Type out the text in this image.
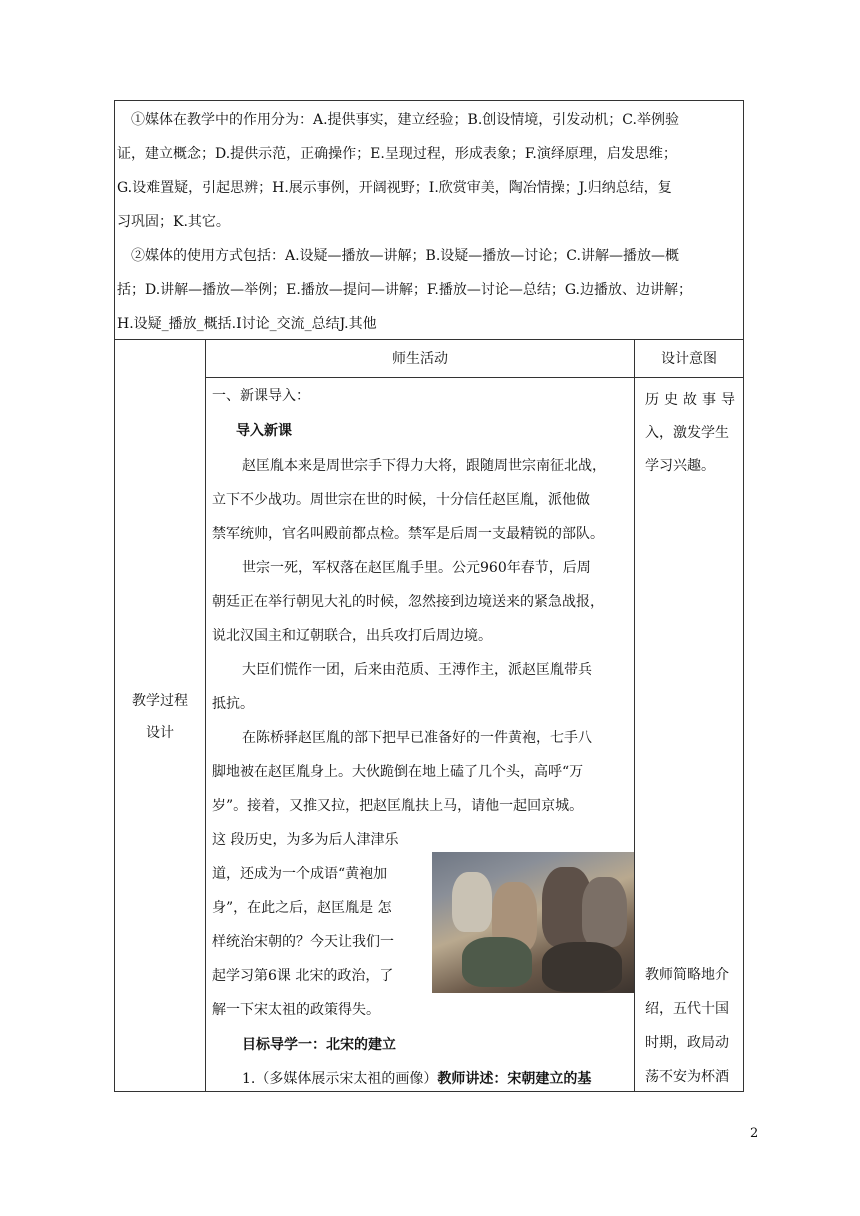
　①媒体在教学中的作用分为：A.提供事实，建立经验；B.创设情境，引发动机；C.举例验

证，建立概念；D.提供示范，正确操作；E.呈现过程，形成表象；F.演绎原理，启发思维；

G.设难置疑，引起思辨；H.展示事例，开阔视野；I.欣赏审美，陶冶情操；J.归纳总结，复

习巩固；K.其它。

　②媒体的使用方式包括：A.设疑—播放—讲解；B.设疑—播放—讨论；C.讲解—播放—概

括；D.讲解—播放—举例；E.播放—提问—讲解；F.播放—讨论—总结；G.边播放、边讲解；

H.设疑_播放_概括.I讨论_交流_总结J.其他

师生活动	设计意图
教学过程
设计
一、新课导入：
导入新课
赵匡胤本来是周世宗手下得力大将，跟随周世宗南征北战，
立下不少战功。周世宗在世的时候，十分信任赵匡胤，派他做
禁军统帅，官名叫殿前都点检。禁军是后周一支最精锐的部队。
世宗一死，军权落在赵匡胤手里。公元960年春节，后周
朝廷正在举行朝见大礼的时候，忽然接到边境送来的紧急战报，
说北汉国主和辽朝联合，出兵攻打后周边境。
大臣们慌作一团，后来由范质、王溥作主，派赵匡胤带兵
抵抗。
在陈桥驿赵匡胤的部下把早已准备好的一件黄袍，七手八
脚地被在赵匡胤身上。大伙跪倒在地上磕了几个头，高呼“万
岁”。接着，又推又拉，把赵匡胤扶上马，请他一起回京城。
这 段历史，为多为后人津津乐
道，还成为一个成语“黄袍加
身”，在此之后，赵匡胤是 怎
样统治宋朝的？今天让我们一
起学习第6课 北宋的政治，了
解一下宋太祖的政策得失。
目标导学一：北宋的建立
1.（多媒体展示宋太祖的画像）教师讲述：宋朝建立的基
历史故事导
入，激发学生
学习兴趣。
教师简略地介
绍，五代十国
时期，政局动
荡不安为杯酒
2
